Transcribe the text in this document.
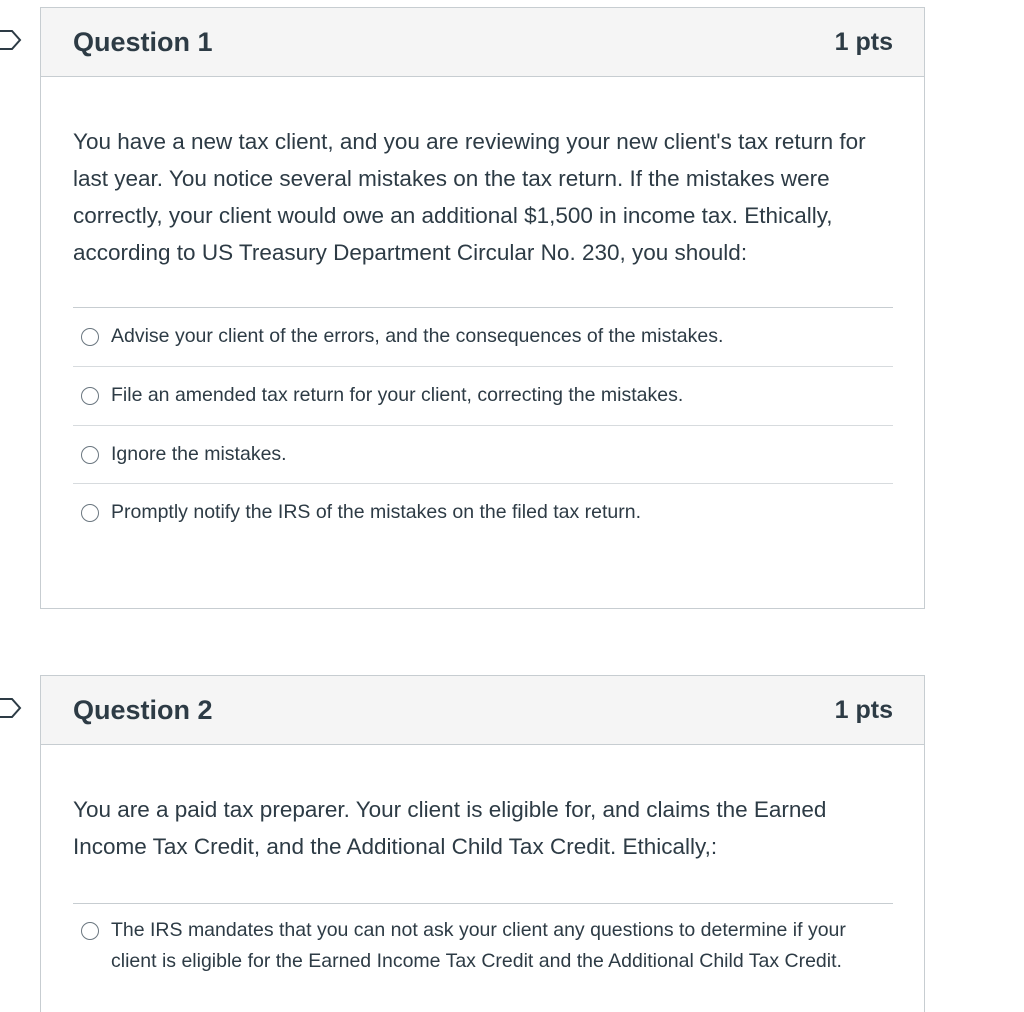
Question 1	1 pts

You have a new tax client, and you are reviewing your new client's tax return for last year. You notice several mistakes on the tax return. If the mistakes were correctly, your client would owe an additional $1,500 in income tax. Ethically, according to US Treasury Department Circular No. 230, you should:

Advise your client of the errors, and the consequences of the mistakes.
File an amended tax return for your client, correcting the mistakes.
Ignore the mistakes.
Promptly notify the IRS of the mistakes on the filed tax return.
Question 2	1 pts

You are a paid tax preparer. Your client is eligible for, and claims the Earned Income Tax Credit, and the Additional Child Tax Credit. Ethically,:

The IRS mandates that you can not ask your client any questions to determine if your client is eligible for the Earned Income Tax Credit and the Additional Child Tax Credit.
